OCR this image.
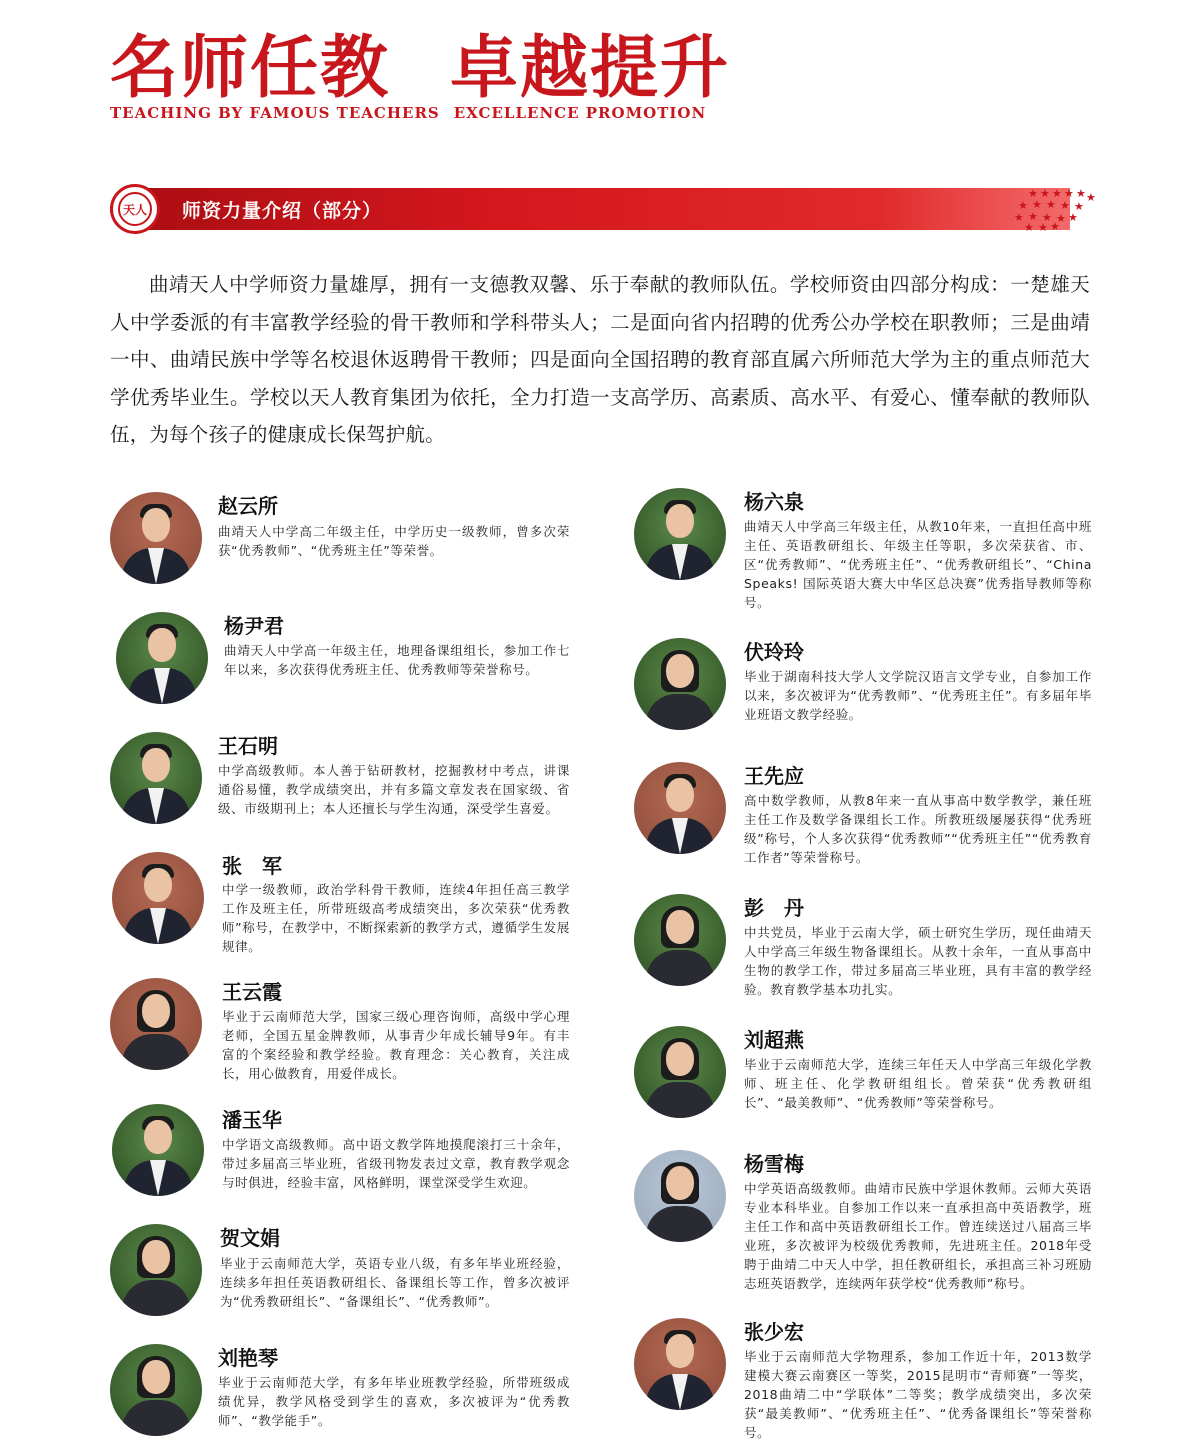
名师任教 卓越提升
TEACHING BY FAMOUS TEACHERS EXCELLENCE PROMOTION
天人 师资力量介绍（部分）
★ ★ ★ ★ ★ ★
★ ★ ★ ★ ★
★ ★ ★ ★ ★
★ ★ ★
曲靖天人中学师资力量雄厚，拥有一支德教双馨、乐于奉献的教师队伍。学校师资由四部分构成：一楚雄天人中学委派的有丰富教学经验的骨干教师和学科带头人；二是面向省内招聘的优秀公办学校在职教师；三是曲靖一中、曲靖民族中学等名校退休返聘骨干教师；四是面向全国招聘的教育部直属六所师范大学为主的重点师范大学优秀毕业生。学校以天人教育集团为依托，全力打造一支高学历、高素质、高水平、有爱心、懂奉献的教师队伍，为每个孩子的健康成长保驾护航。
赵云所
曲靖天人中学高二年级主任，中学历史一级教师，曾多次荣获“优秀教师”、“优秀班主任”等荣誉。
杨尹君
曲靖天人中学高一年级主任，地理备课组组长，参加工作七年以来，多次获得优秀班主任、优秀教师等荣誉称号。
王石明
中学高级教师。本人善于钻研教材，挖掘教材中考点，讲课通俗易懂，教学成绩突出，并有多篇文章发表在国家级、省级、市级期刊上；本人还擅长与学生沟通，深受学生喜爱。
张　军
中学一级教师，政治学科骨干教师，连续4年担任高三教学工作及班主任，所带班级高考成绩突出，多次荣获“优秀教师”称号，在教学中，不断探索新的教学方式，遵循学生发展规律。
王云霞
毕业于云南师范大学，国家三级心理咨询师，高级中学心理老师，全国五星金牌教师，从事青少年成长辅导9年。有丰富的个案经验和教学经验。教育理念：关心教育，关注成长，用心做教育，用爱伴成长。
潘玉华
中学语文高级教师。高中语文教学阵地摸爬滚打三十余年，带过多届高三毕业班，省级刊物发表过文章，教育教学观念与时俱进，经验丰富，风格鲜明，课堂深受学生欢迎。
贺文娟
毕业于云南师范大学，英语专业八级，有多年毕业班经验，连续多年担任英语教研组长、备课组长等工作，曾多次被评为“优秀教研组长”、“备课组长”、“优秀教师”。
刘艳琴
毕业于云南师范大学，有多年毕业班教学经验，所带班级成绩优异，教学风格受到学生的喜欢，多次被评为“优秀教师”、“教学能手”。
杨六泉
曲靖天人中学高三年级主任，从教10年来，一直担任高中班主任、英语教研组长、年级主任等职，多次荣获省、市、区“优秀教师”、“优秀班主任”、“优秀教研组长”、“China Speaks! 国际英语大赛大中华区总决赛”优秀指导教师等称号。
伏玲玲
毕业于湖南科技大学人文学院汉语言文学专业，自参加工作以来，多次被评为“优秀教师”、“优秀班主任”。有多届年毕业班语文教学经验。
王先应
高中数学教师，从教8年来一直从事高中数学教学，兼任班主任工作及数学备课组长工作。所教班级屡屡获得“优秀班级”称号，个人多次获得“优秀教师”“优秀班主任”“优秀教育工作者”等荣誉称号。
彭　丹
中共党员，毕业于云南大学，硕士研究生学历，现任曲靖天人中学高三年级生物备课组长。从教十余年，一直从事高中生物的教学工作，带过多届高三毕业班，具有丰富的教学经验。教育教学基本功扎实。
刘超燕
毕业于云南师范大学，连续三年任天人中学高三年级化学教师、班主任、化学教研组组长。曾荣获“优秀教研组长”、“最美教师”、“优秀教师”等荣誉称号。
杨雪梅
中学英语高级教师。曲靖市民族中学退休教师。云师大英语专业本科毕业。自参加工作以来一直承担高中英语教学，班主任工作和高中英语教研组长工作。曾连续送过八届高三毕业班，多次被评为校级优秀教师，先进班主任。2018年受聘于曲靖二中天人中学，担任教研组长，承担高三补习班励志班英语教学，连续两年获学校“优秀教师”称号。
张少宏
毕业于云南师范大学物理系，参加工作近十年，2013数学建模大赛云南赛区一等奖，2015昆明市“青师赛”一等奖，2018曲靖二中“学联体”二等奖；教学成绩突出，多次荣获“最美教师”、“优秀班主任”、“优秀备课组长”等荣誉称号。
